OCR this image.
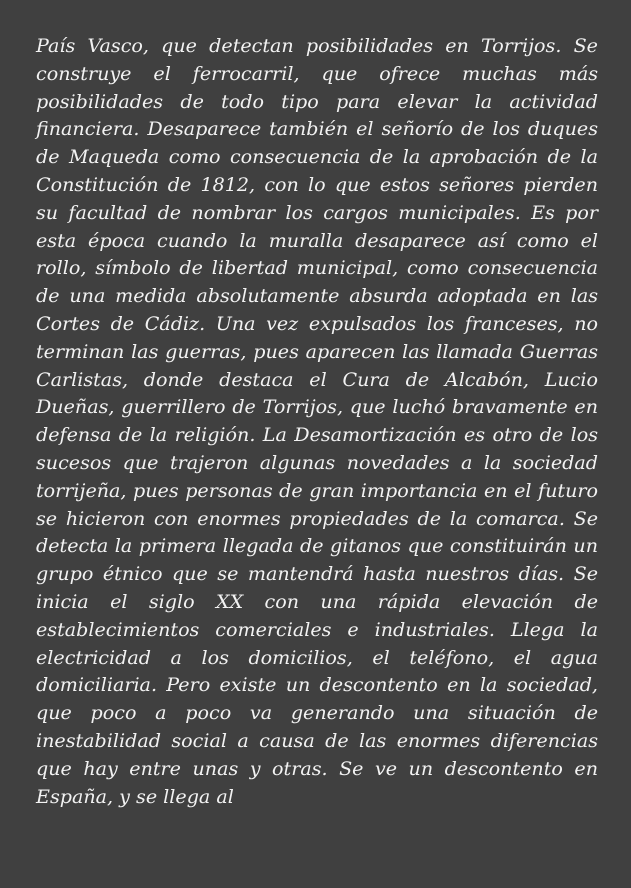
País Vasco, que detectan posibilidades en Torrijos. Se construye el ferrocarril, que ofrece muchas más posibilidades de todo tipo para elevar la actividad financiera. Desaparece también el señorío de los duques de Maqueda como consecuencia de la aprobación de la Constitución de 1812, con lo que estos señores pierden su facultad de nombrar los cargos municipales. Es por esta época cuando la muralla desaparece así como el rollo, símbolo de libertad municipal, como consecuencia de una medida absolutamente absurda adoptada en las Cortes de Cádiz. Una vez expulsados los franceses, no terminan las guerras, pues aparecen las llamada Guerras Carlistas, donde destaca el Cura de Alcabón, Lucio Dueñas, guerrillero de Torrijos, que luchó bravamente en defensa de la religión. La Desamortización es otro de los sucesos que trajeron algunas novedades a la sociedad torrijeña, pues personas de gran importancia en el futuro se hicieron con enormes propiedades de la comarca. Se detecta la primera llegada de gitanos que constituirán un grupo étnico que se mantendrá hasta nuestros días. Se inicia el siglo XX con una rápida elevación de establecimientos comerciales e industriales. Llega la electricidad a los domicilios, el teléfono, el agua domiciliaria. Pero existe un descontento en la sociedad, que poco a poco va generando una situación de inestabilidad social a causa de las enormes diferencias que hay entre unas y otras. Se ve un descontento en España, y se llega al
